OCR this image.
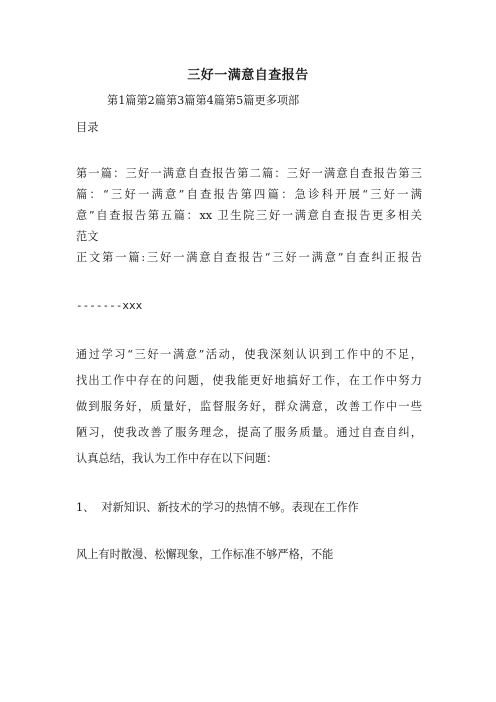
三好一满意自查报告
第1篇第2篇第3篇第4篇第5篇更多项部
目录
第一篇：三好一满意自查报告第二篇：三好一满意自查报告第三
篇：“三好一满意”自查报告第四篇：急诊科开展“三好一满
意”自查报告第五篇：xx 卫生院三好一满意自查报告更多相关
范文
正文第一篇:三好一满意自查报告“三好一满意”自查纠正报告
-------xxx
通过学习“三好一满意”活动，使我深刻认识到工作中的不足，
找出工作中存在的问题，使我能更好地搞好工作，在工作中努力
做到服务好，质量好，监督服务好，群众满意，改善工作中一些
陋习，使我改善了服务理念，提高了服务质量。通过自查自纠，
认真总结，我认为工作中存在以下问题：
1、  对新知识、新技术的学习的热情不够。表现在工作作
风上有时散漫、松懈现象，工作标准不够严格，不能
